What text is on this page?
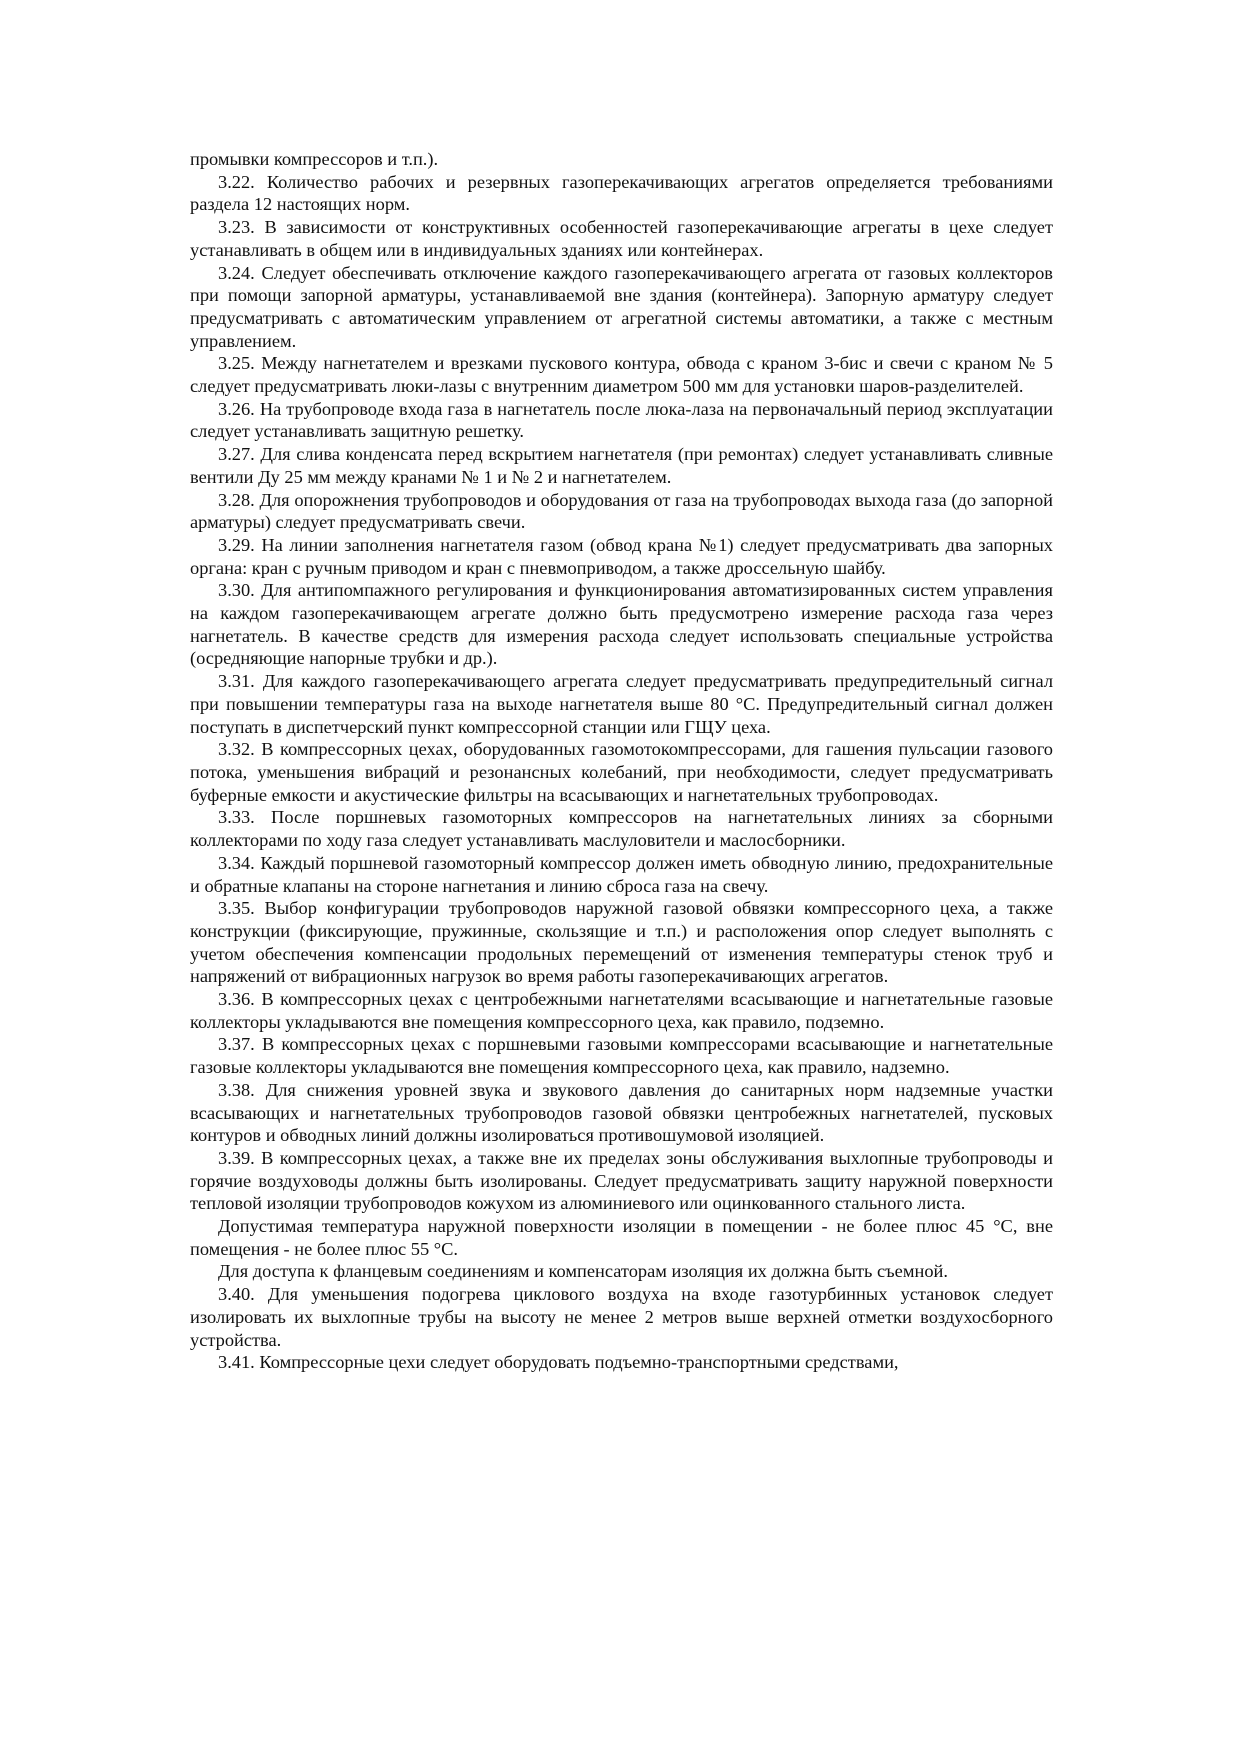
промывки компрессоров и т.п.).

3.22. Количество рабочих и резервных газоперекачивающих агрегатов определяется требованиями раздела 12 настоящих норм.

3.23. В зависимости от конструктивных особенностей газоперекачивающие агрегаты в цехе следует устанавливать в общем или в индивидуальных зданиях или контейнерах.

3.24. Следует обеспечивать отключение каждого газоперекачивающего агрегата от газовых коллекторов при помощи запорной арматуры, устанавливаемой вне здания (контейнера). Запорную арматуру следует предусматривать с автоматическим управлением от агрегатной системы автоматики, а также с местным управлением.

3.25. Между нагнетателем и врезками пускового контура, обвода с краном 3-бис и свечи с краном № 5 следует предусматривать люки-лазы с внутренним диаметром 500 мм для установки шаров-разделителей.

3.26. На трубопроводе входа газа в нагнетатель после люка-лаза на первоначальный период эксплуатации следует устанавливать защитную решетку.

3.27. Для слива конденсата перед вскрытием нагнетателя (при ремонтах) следует устанавливать сливные вентили Ду 25 мм между кранами № 1 и № 2 и нагнетателем.

3.28. Для опорожнения трубопроводов и оборудования от газа на трубопроводах выхода газа (до запорной арматуры) следует предусматривать свечи.

3.29. На линии заполнения нагнетателя газом (обвод крана №1) следует предусматривать два запорных органа: кран с ручным приводом и кран с пневмоприводом, а также дроссельную шайбу.

3.30. Для антипомпажного регулирования и функционирования автоматизированных систем управления на каждом газоперекачивающем агрегате должно быть предусмотрено измерение расхода газа через нагнетатель. В качестве средств для измерения расхода следует использовать специальные устройства (осредняющие напорные трубки и др.).

3.31. Для каждого газоперекачивающего агрегата следует предусматривать предупредительный сигнал при повышении температуры газа на выходе нагнетателя выше 80 °С. Предупредительный сигнал должен поступать в диспетчерский пункт компрессорной станции или ГЩУ цеха.

3.32. В компрессорных цехах, оборудованных газомотокомпрессорами, для гашения пульсации газового потока, уменьшения вибраций и резонансных колебаний, при необходимости, следует предусматривать буферные емкости и акустические фильтры на всасывающих и нагнетательных трубопроводах.

3.33. После поршневых газомоторных компрессоров на нагнетательных линиях за сборными коллекторами по ходу газа следует устанавливать маслуловители и маслосборники.

3.34. Каждый поршневой газомоторный компрессор должен иметь обводную линию, предохранительные и обратные клапаны на стороне нагнетания и линию сброса газа на свечу.

3.35. Выбор конфигурации трубопроводов наружной газовой обвязки компрессорного цеха, а также конструкции (фиксирующие, пружинные, скользящие и т.п.) и расположения опор следует выполнять с учетом обеспечения компенсации продольных перемещений от изменения температуры стенок труб и напряжений от вибрационных нагрузок во время работы газоперекачивающих агрегатов.

3.36. В компрессорных цехах с центробежными нагнетателями всасывающие и нагнетательные газовые коллекторы укладываются вне помещения компрессорного цеха, как правило, подземно.

3.37. В компрессорных цехах с поршневыми газовыми компрессорами всасывающие и нагнетательные газовые коллекторы укладываются вне помещения компрессорного цеха, как правило, надземно.

3.38. Для снижения уровней звука и звукового давления до санитарных норм надземные участки всасывающих и нагнетательных трубопроводов газовой обвязки центробежных нагнетателей, пусковых контуров и обводных линий должны изолироваться противошумовой изоляцией.

3.39. В компрессорных цехах, а также вне их пределах зоны обслуживания выхлопные трубопроводы и горячие воздуховоды должны быть изолированы. Следует предусматривать защиту наружной поверхности тепловой изоляции трубопроводов кожухом из алюминиевого или оцинкованного стального листа.

Допустимая температура наружной поверхности изоляции в помещении - не более плюс 45 °С, вне помещения - не более плюс 55 °С.

Для доступа к фланцевым соединениям и компенсаторам изоляция их должна быть съемной.

3.40. Для уменьшения подогрева циклового воздуха на входе газотурбинных установок следует изолировать их выхлопные трубы на высоту не менее 2 метров выше верхней отметки воздухосборного устройства.

3.41. Компрессорные цехи следует оборудовать подъемно-транспортными средствами,
